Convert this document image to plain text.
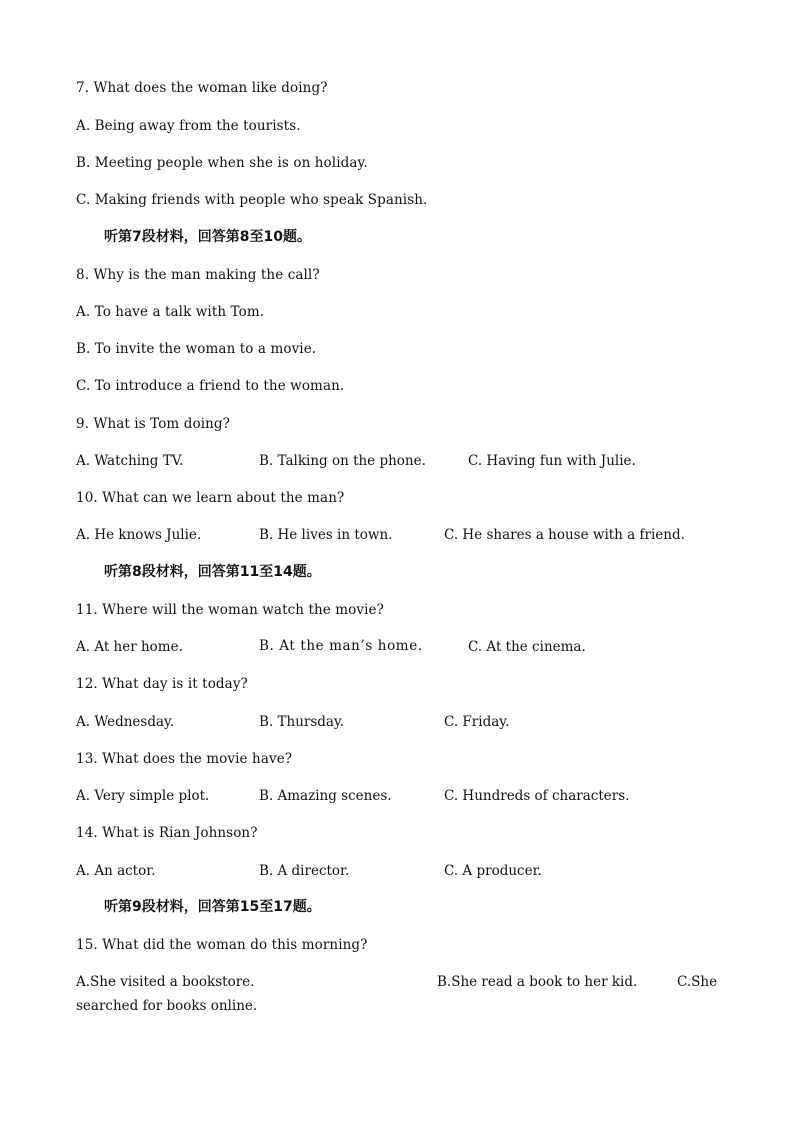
7. What does the woman like doing?
A. Being away from the tourists.
B. Meeting people when she is on holiday.
C. Making friends with people who speak Spanish.
听第7段材料，回答第8至10题。
8. Why is the man making the call?
A. To have a talk with Tom.
B. To invite the woman to a movie.
C. To introduce a friend to the woman.
9. What is Tom doing?
A. Watching TV.	B. Talking on the phone.	C. Having fun with Julie.
10. What can we learn about the man?
A. He knows Julie.	B. He lives in town.	C. He shares a house with a friend.
听第8段材料，回答第11至14题。
11. Where will the woman watch the movie?
A. At her home.	B. At the man’s home.	C. At the cinema.
12. What day is it today?
A. Wednesday.	B. Thursday.	C. Friday.
13. What does the movie have?
A. Very simple plot.	B. Amazing scenes.	C. Hundreds of characters.
14. What is Rian Johnson?
A. An actor.	B. A director.	C. A producer.
听第9段材料，回答第15至17题。
15. What did the woman do this morning?
A.She visited a bookstore.	B.She read a book to her kid.	C.She
searched for books online.
